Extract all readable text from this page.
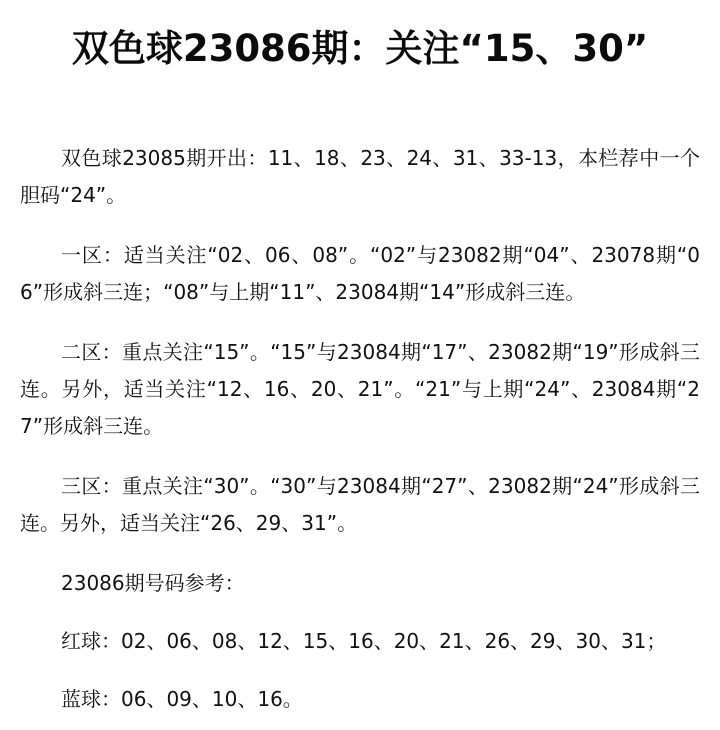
双色球23086期：关注“15、30”

双色球23085期开出：11、18、23、24、31、33-13，本栏荐中一个胆码“24”。

一区：适当关注“02、06、08”。“02”与23082期“04”、23078期“06”形成斜三连；“08”与上期“11”、23084期“14”形成斜三连。

二区：重点关注“15”。“15”与23084期“17”、23082期“19”形成斜三连。另外，适当关注“12、16、20、21”。“21”与上期“24”、23084期“27”形成斜三连。

三区：重点关注“30”。“30”与23084期“27”、23082期“24”形成斜三连。另外，适当关注“26、29、31”。

23086期号码参考：

红球：02、06、08、12、15、16、20、21、26、29、30、31；

蓝球：06、09、10、16。
